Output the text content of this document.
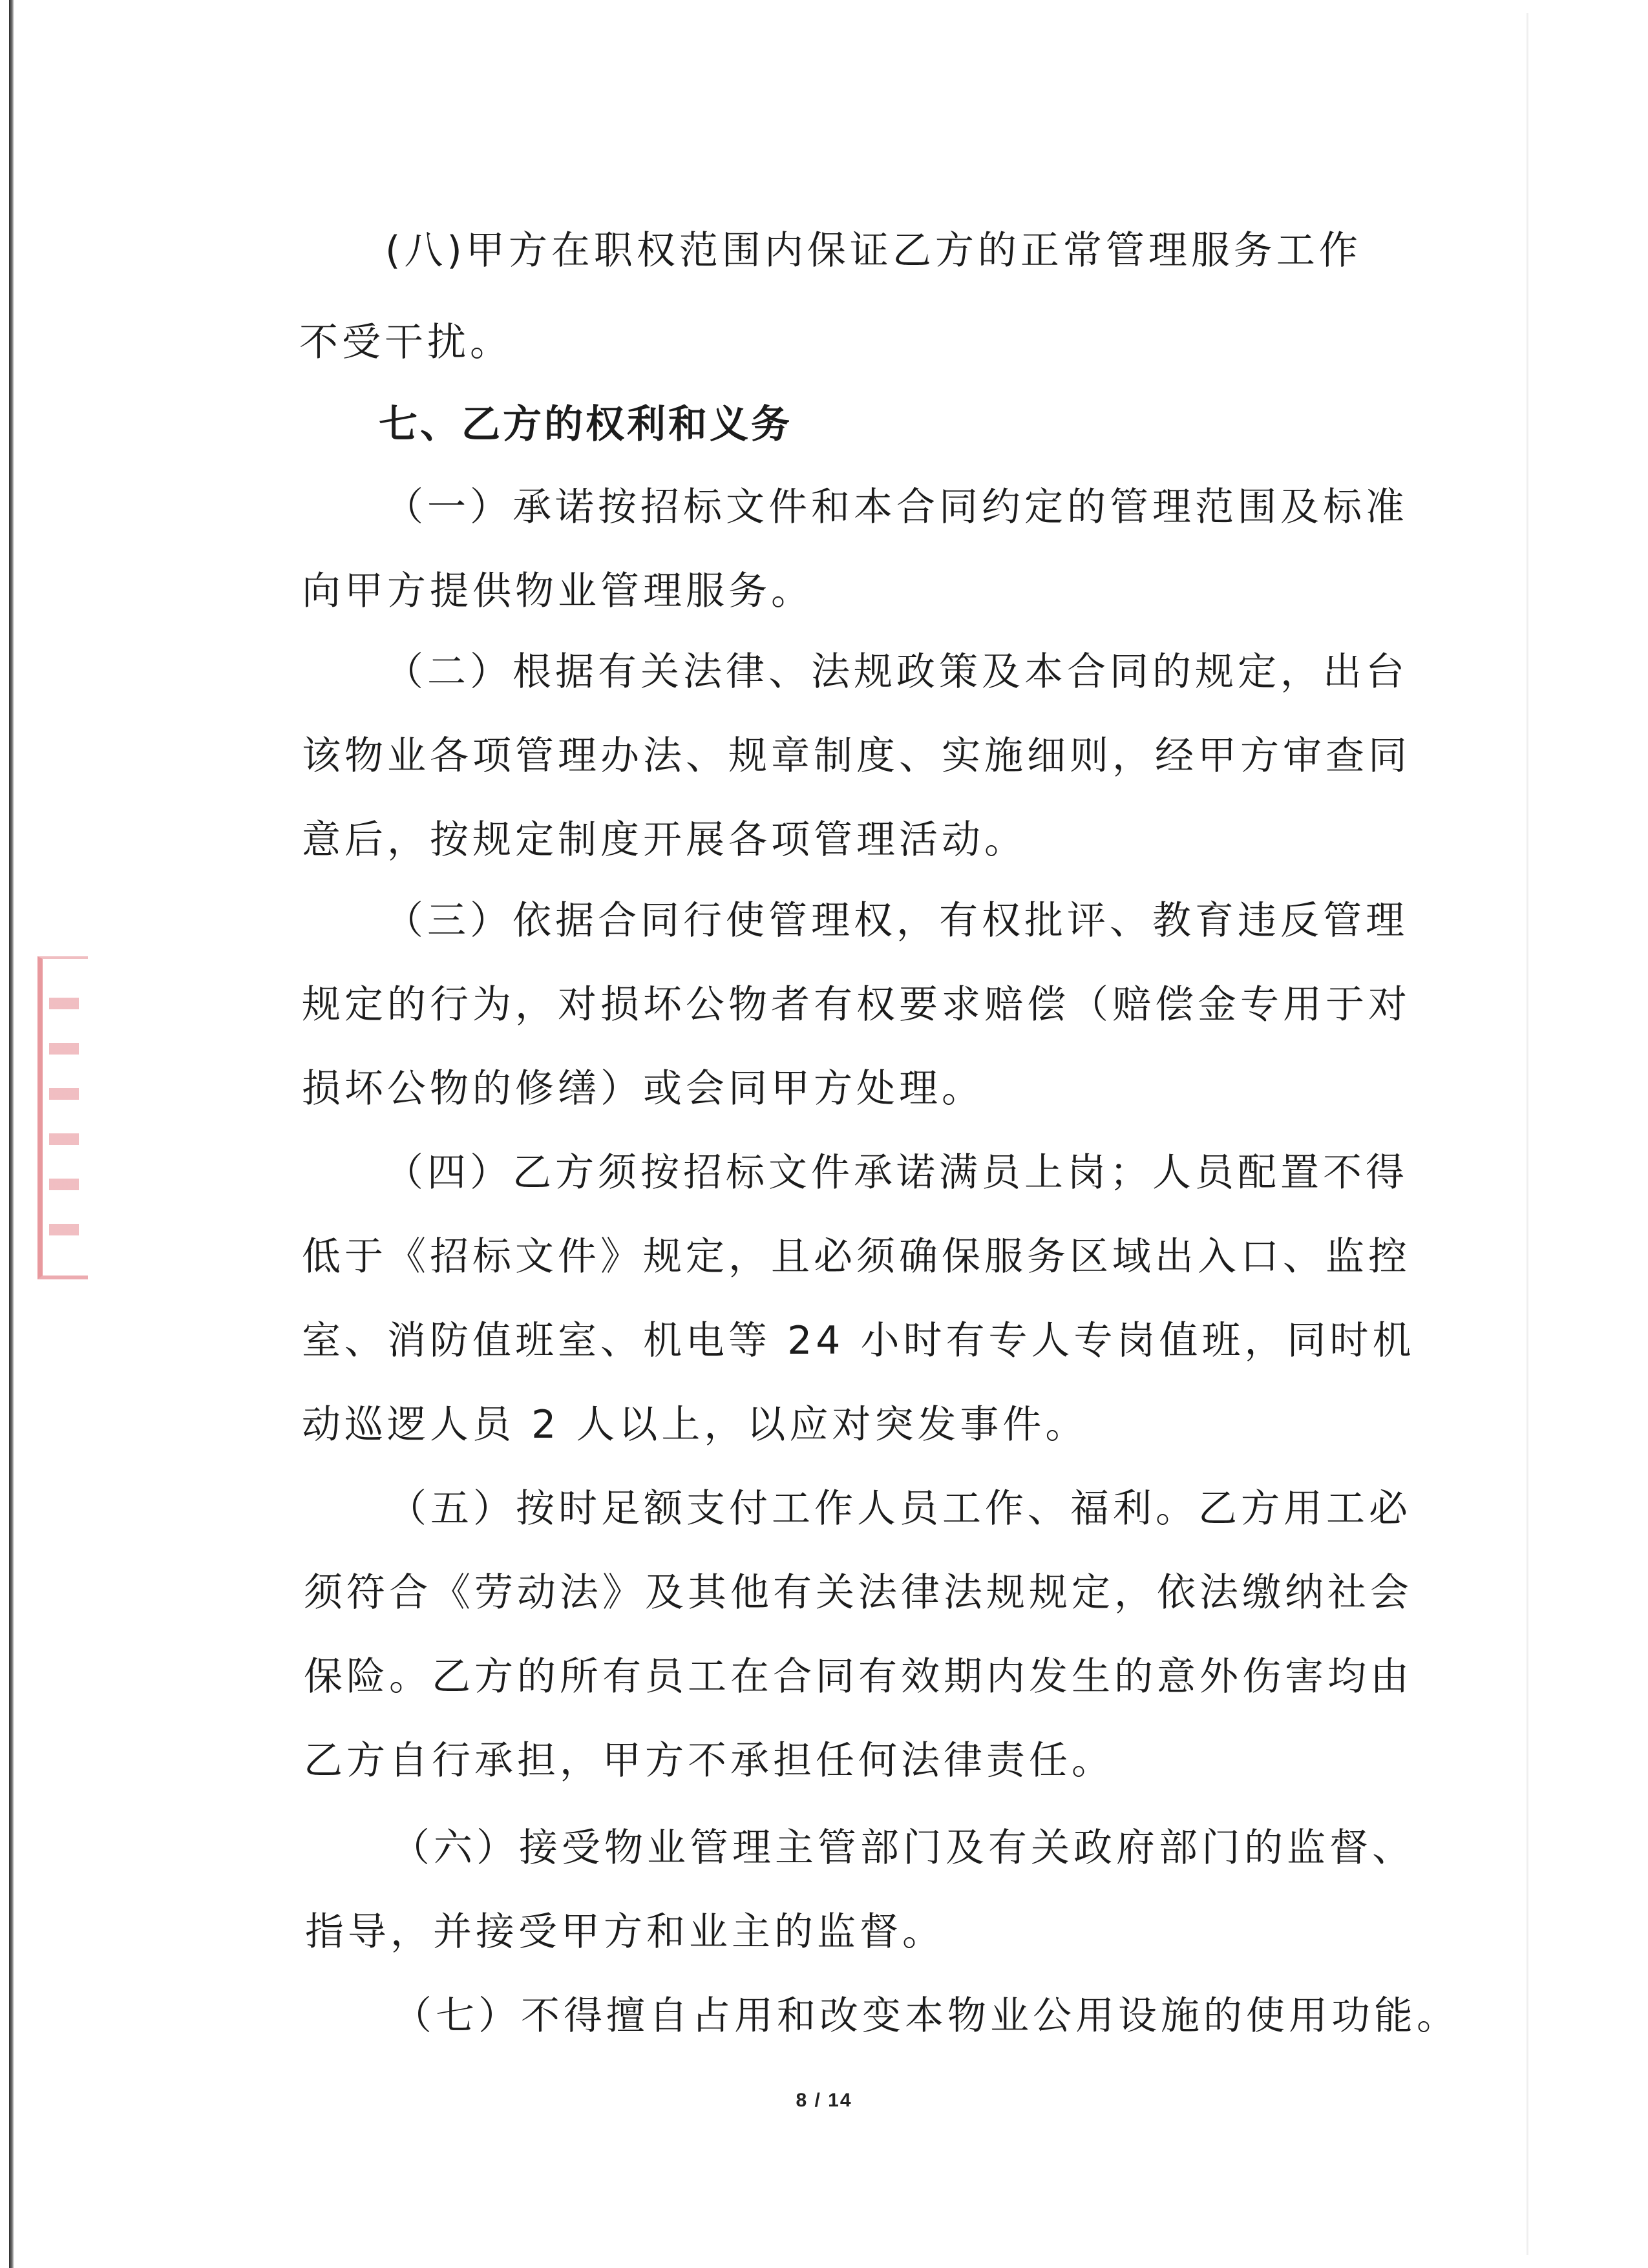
(八)甲方在职权范围内保证乙方的正常管理服务工作

不受干扰。

七、乙方的权利和义务

（一）承诺按招标文件和本合同约定的管理范围及标准

向甲方提供物业管理服务。

（二）根据有关法律、法规政策及本合同的规定，出台

该物业各项管理办法、规章制度、实施细则，经甲方审查同

意后，按规定制度开展各项管理活动。

（三）依据合同行使管理权，有权批评、教育违反管理

规定的行为，对损坏公物者有权要求赔偿（赔偿金专用于对

损坏公物的修缮）或会同甲方处理。

（四）乙方须按招标文件承诺满员上岗；人员配置不得

低于《招标文件》规定，且必须确保服务区域出入口、监控

室、消防值班室、机电等 24 小时有专人专岗值班，同时机

动巡逻人员 2 人以上，以应对突发事件。

（五）按时足额支付工作人员工作、福利。乙方用工必

须符合《劳动法》及其他有关法律法规规定，依法缴纳社会

保险。乙方的所有员工在合同有效期内发生的意外伤害均由

乙方自行承担，甲方不承担任何法律责任。

（六）接受物业管理主管部门及有关政府部门的监督、

指导，并接受甲方和业主的监督。

（七）不得擅自占用和改变本物业公用设施的使用功能。

8 / 14
